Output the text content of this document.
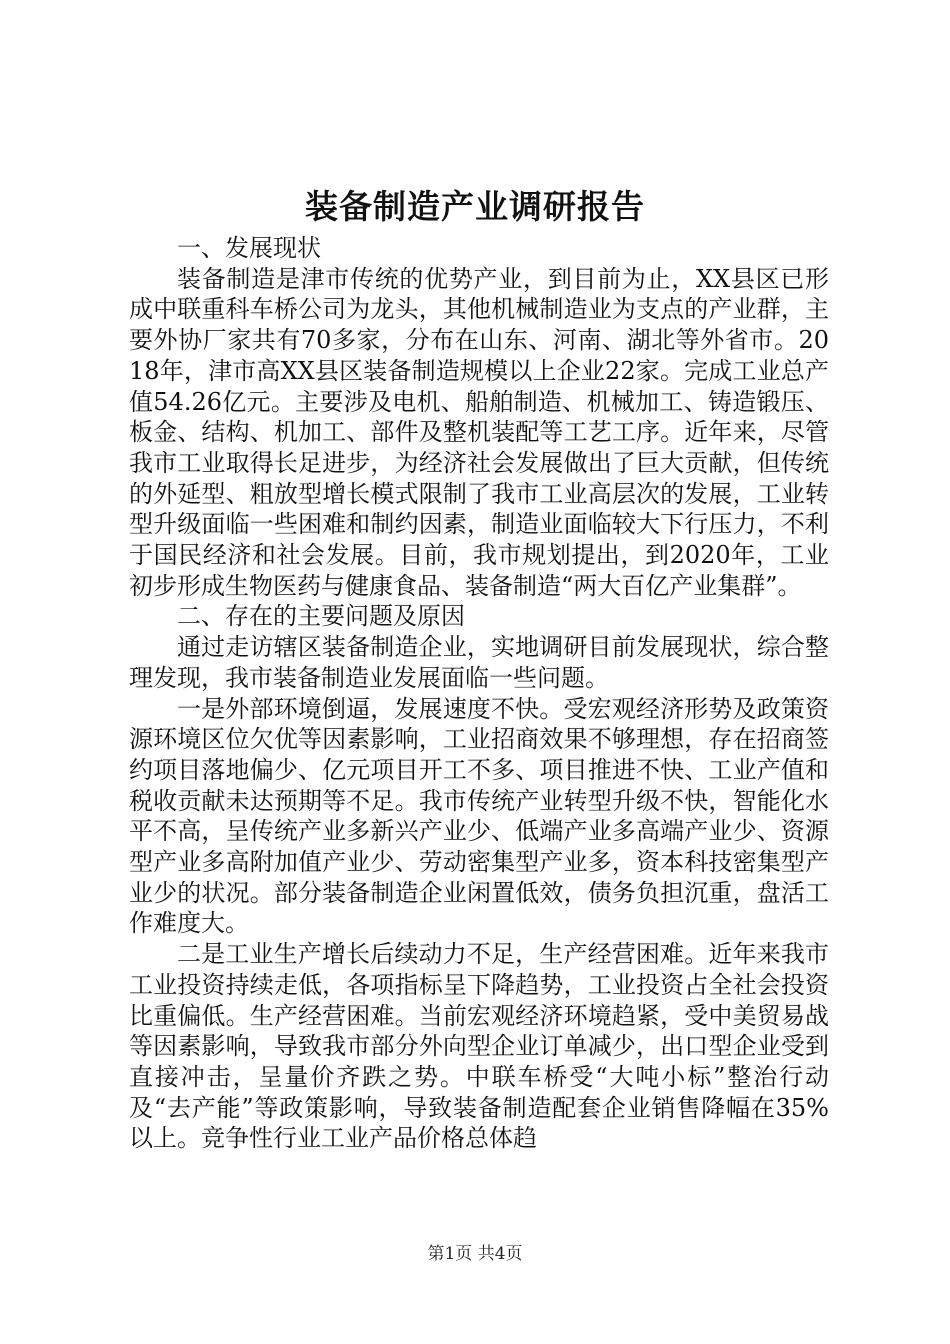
装备制造产业调研报告

一、发展现状

装备制造是津市传统的优势产业，到目前为止，XX县区已形成中联重科车桥公司为龙头，其他机械制造业为支点的产业群，主要外协厂家共有70多家，分布在山东、河南、湖北等外省市。2018年，津市高XX县区装备制造规模以上企业22家。完成工业总产值54.26亿元。主要涉及电机、船舶制造、机械加工、铸造锻压、板金、结构、机加工、部件及整机装配等工艺工序。近年来，尽管我市工业取得长足进步，为经济社会发展做出了巨大贡献，但传统的外延型、粗放型增长模式限制了我市工业高层次的发展，工业转型升级面临一些困难和制约因素，制造业面临较大下行压力，不利于国民经济和社会发展。目前，我市规划提出，到2020年，工业初步形成生物医药与健康食品、装备制造“两大百亿产业集群”。

二、存在的主要问题及原因

通过走访辖区装备制造企业，实地调研目前发展现状，综合整理发现，我市装备制造业发展面临一些问题。

一是外部环境倒逼，发展速度不快。受宏观经济形势及政策资源环境区位欠优等因素影响，工业招商效果不够理想，存在招商签约项目落地偏少、亿元项目开工不多、项目推进不快、工业产值和税收贡献未达预期等不足。我市传统产业转型升级不快，智能化水平不高，呈传统产业多新兴产业少、低端产业多高端产业少、资源型产业多高附加值产业少、劳动密集型产业多，资本科技密集型产业少的状况。部分装备制造企业闲置低效，债务负担沉重，盘活工作难度大。

二是工业生产增长后续动力不足，生产经营困难。近年来我市工业投资持续走低，各项指标呈下降趋势，工业投资占全社会投资比重偏低。生产经营困难。当前宏观经济环境趋紧，受中美贸易战等因素影响，导致我市部分外向型企业订单减少，出口型企业受到直接冲击，呈量价齐跌之势。中联车桥受“大吨小标”整治行动及“去产能”等政策影响，导致装备制造配套企业销售降幅在35%以上。竞争性行业工业产品价格总体趋

第1页 共4页
